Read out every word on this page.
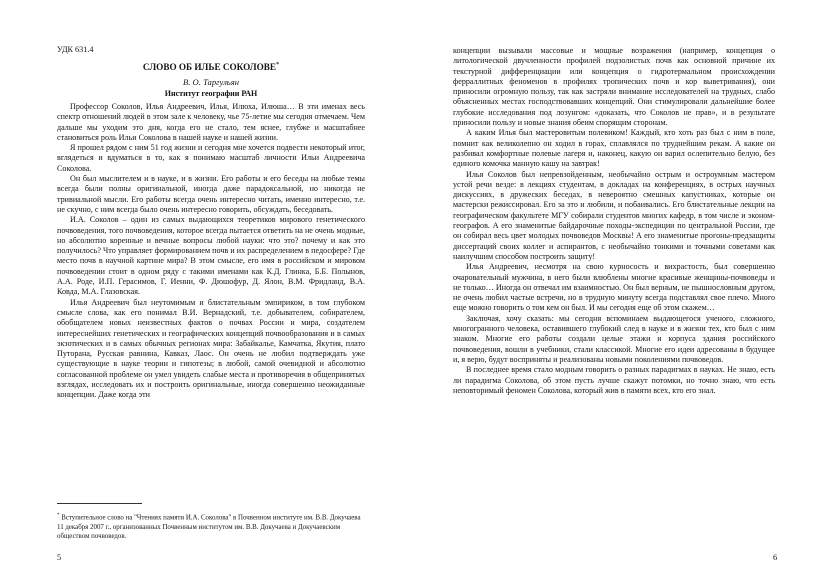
УДК 631.4
СЛОВО ОБ ИЛЬЕ СОКОЛОВЕ*
В. О. Таргульян
Институт географии РАН

Профессор Соколов, Илья Андреевич, Илья, Илюха, Илюша… В эти именах весь спектр отношений людей в этом зале к человеку, чье 75-летие мы сегодня отмечаем. Чем дальше мы уходим это дня, когда его не стало, тем яснее, глубже и масштабнее становиться роль Ильи Соколова в нашей науке и нашей жизни.

Я прошел рядом с ним 51 год жизни и сегодня мне хочется подвести некоторый итог, вглядеться и вдуматься в то, как я понимаю масштаб личности Ильи Андреевича Соколова.

Он был мыслителем и в науке, и в жизни. Его работы и его беседы на любые темы всегда были полны оригинальной, иногда даже парадоксальной, но никогда не тривиальной мысли. Его работы всегда очень интересно читать, именно интересно, т.е. не скучно, с ним всегда было очень интересно говорить, обсуждать, беседовать.

И.А. Соколов – один из самых выдающихся теоретиков мирового генетического почвоведения, того почвоведения, которое всегда пытается ответить на не очень модные, но абсолютно коренные и вечные вопросы любой науки: что это? почему и как это получилось? Что управляет формированием почв и их распределением в педосфере? Где место почв в научной картине мира? В этом смысле, его имя в российском и мировом почвоведении стоит в одном ряду с такими именами как К.Д. Глинка, Б.Б. Полынов, А.А. Роде, И.П. Герасимов, Г. Иенни, Ф. Дюшофур, Д. Ялон, В.М. Фридланд, В.А. Ковда, М.А. Глазовская.

Илья Андреевич был неутомимым и блистательным эмпириком, в том глубоком смысле слова, как его понимал В.И. Вернадский, т.е. добывателем, собирателем, обобщателем новых неизвестных фактов о почвах России и мира, создателем интереснейших генетических и географических концепций почвообразования и в самых экзотических и в самых обычных регионах мира: Забайкалье, Камчатка, Якутия, плато Путорана, Русская равнина, Кавказ, Лаос. Он очень не любил подтверждать уже существующие в науке теории и гипотезы; в любой, самой очевидной и абсолютно согласованной проблеме он умел увидеть слабые места и противоречия в общепринятых взглядах, исследовать их и построить оригинальные, иногда совершенно неожиданные концепции. Даже когда эти

* Вступительное слово на "Чтениях памяти И.А. Соколова" в Почвенном институте им. В.В. Докучаева 11 декабря 2007 г., организованных Почвенным институтом им. В.В. Докучаева и Докучаевским обществом почвоведов.
5

концепции вызывали массовые и мощные возражения (например, концепция о литологической двучленности профилей подзолистых почв как основной причине их текстурной дифференциации или концепция о гидротермальном происхождении ферраллитных феноменов в профилях тропических почв и кор выветривания), они приносили огромную пользу, так как застряли внимание исследователей на трудных, слабо объясненных местах господствовавших концепций. Они стимулировали дальнейшие более глубокие исследования под лозунгом: «доказать, что Соколов не прав», и в результате приносили пользу и новые знания обеим спорящим сторонам.

А каким Илья был мастеровитым полевиком! Каждый, кто хоть раз был с ним в поле, помнит как великолепно он ходил в горах, сплавлялся по труднейшим рекам. А какие он разбивал комфортные полевые лагеря и, наконец, какую он варил ослепительно белую, без единого комочка манную кашу на завтрак!

Илья Соколов был непревзойденным, необычайно острым и остроумным мастером устой речи везде: в лекциях студентам, в докладах на конференциях, в острых научных дискуссиях, в дружеских беседах, в невероятно смешных капустниках, которые он мастерски режиссировал. Его за это и любили, и побаивались. Его блистательные лекции на географическом факультете МГУ собирали студентов многих кафедр, в том числе и эконом-географов. А его знаменитые байдарочные походы-экспедиции по центральной России, где он собирал весь цвет молодых почвоведов Москвы! А его знаменитые прогоны-предзащиты диссертаций своих коллег и аспирантов, с необычайно тонкими и точными советами как наилучшим способом построить защиту!

Илья Андреевич, несмотря на свою курносость и вихрастость, был совершенно очаровательный мужчина, в него были влюблены многие красивые женщины-почвоведы и не только… Иногда он отвечал им взаимностью. Он был верным, не пышнословным другом, не очень любил частые встречи, но в трудную минуту всегда подставлял свое плечо. Много еще можно говорить о том кем он был. И мы сегодня еще об этом скажем…

Заключая, хочу сказать: мы сегодня вспоминаем выдающегося ученого, сложного, многогранного человека, оставившего глубокий след в науке и в жизни тех, кто был с ним знаком. Многие его работы создали целые этажи и корпуса здания российского почвоведения, вошли в учебники, стали классикой. Многие его идеи адресованы в будущее и, я верю, будут восприняты и реализованы новыми поколениями почвоведов.

В последнее время стало модным говорить о разных парадигмах в науках. Не знаю, есть ли парадигма Соколова, об этом пусть лучше скажут потомки, но точно знаю, что есть неповторимый феномен Соколова, который жив в памяти всех, кто его знал.

6
